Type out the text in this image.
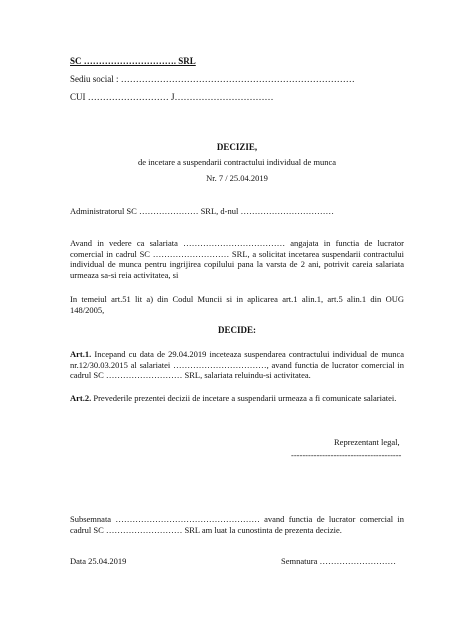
SC …………………………. SRL
Sediu social : ……………………………………………………………………
CUI ……………………… J……………………………
DECIZIE,
de incetare a suspendarii contractului individual de munca
Nr. 7 / 25.04.2019
Administratorul SC ………………… SRL, d-nul ……………………………
Avand in vedere ca salariata ……………………………… angajata in functia de lucrator comercial in cadrul SC ……………………… SRL, a solicitat incetarea suspendarii contractului individual de munca pentru ingrijirea copilului pana la varsta de 2 ani, potrivit careia salariata urmeaza sa-si reia activitatea, si
In temeiul art.51 lit a) din Codul Muncii si in aplicarea art.1 alin.1, art.5 alin.1 din OUG 148/2005,
DECIDE:
Art.1. Incepand cu data de 29.04.2019 inceteaza suspendarea contractului individual de munca nr.12/30.03.2015 al salariatei ……………………………, avand functia de lucrator comercial in cadrul SC ……………………… SRL, salariata reluindu-si activitatea.
Art.2. Prevederile prezentei decizii de incetare a suspendarii urmeaza a fi comunicate salariatei.
Reprezentant legal,
---------------------------------------
Subsemnata …………………………………………… avand functia de lucrator comercial in cadrul SC ……………………… SRL am luat la cunostinta de prezenta decizie.
Data 25.04.2019	Semnatura ………………………
